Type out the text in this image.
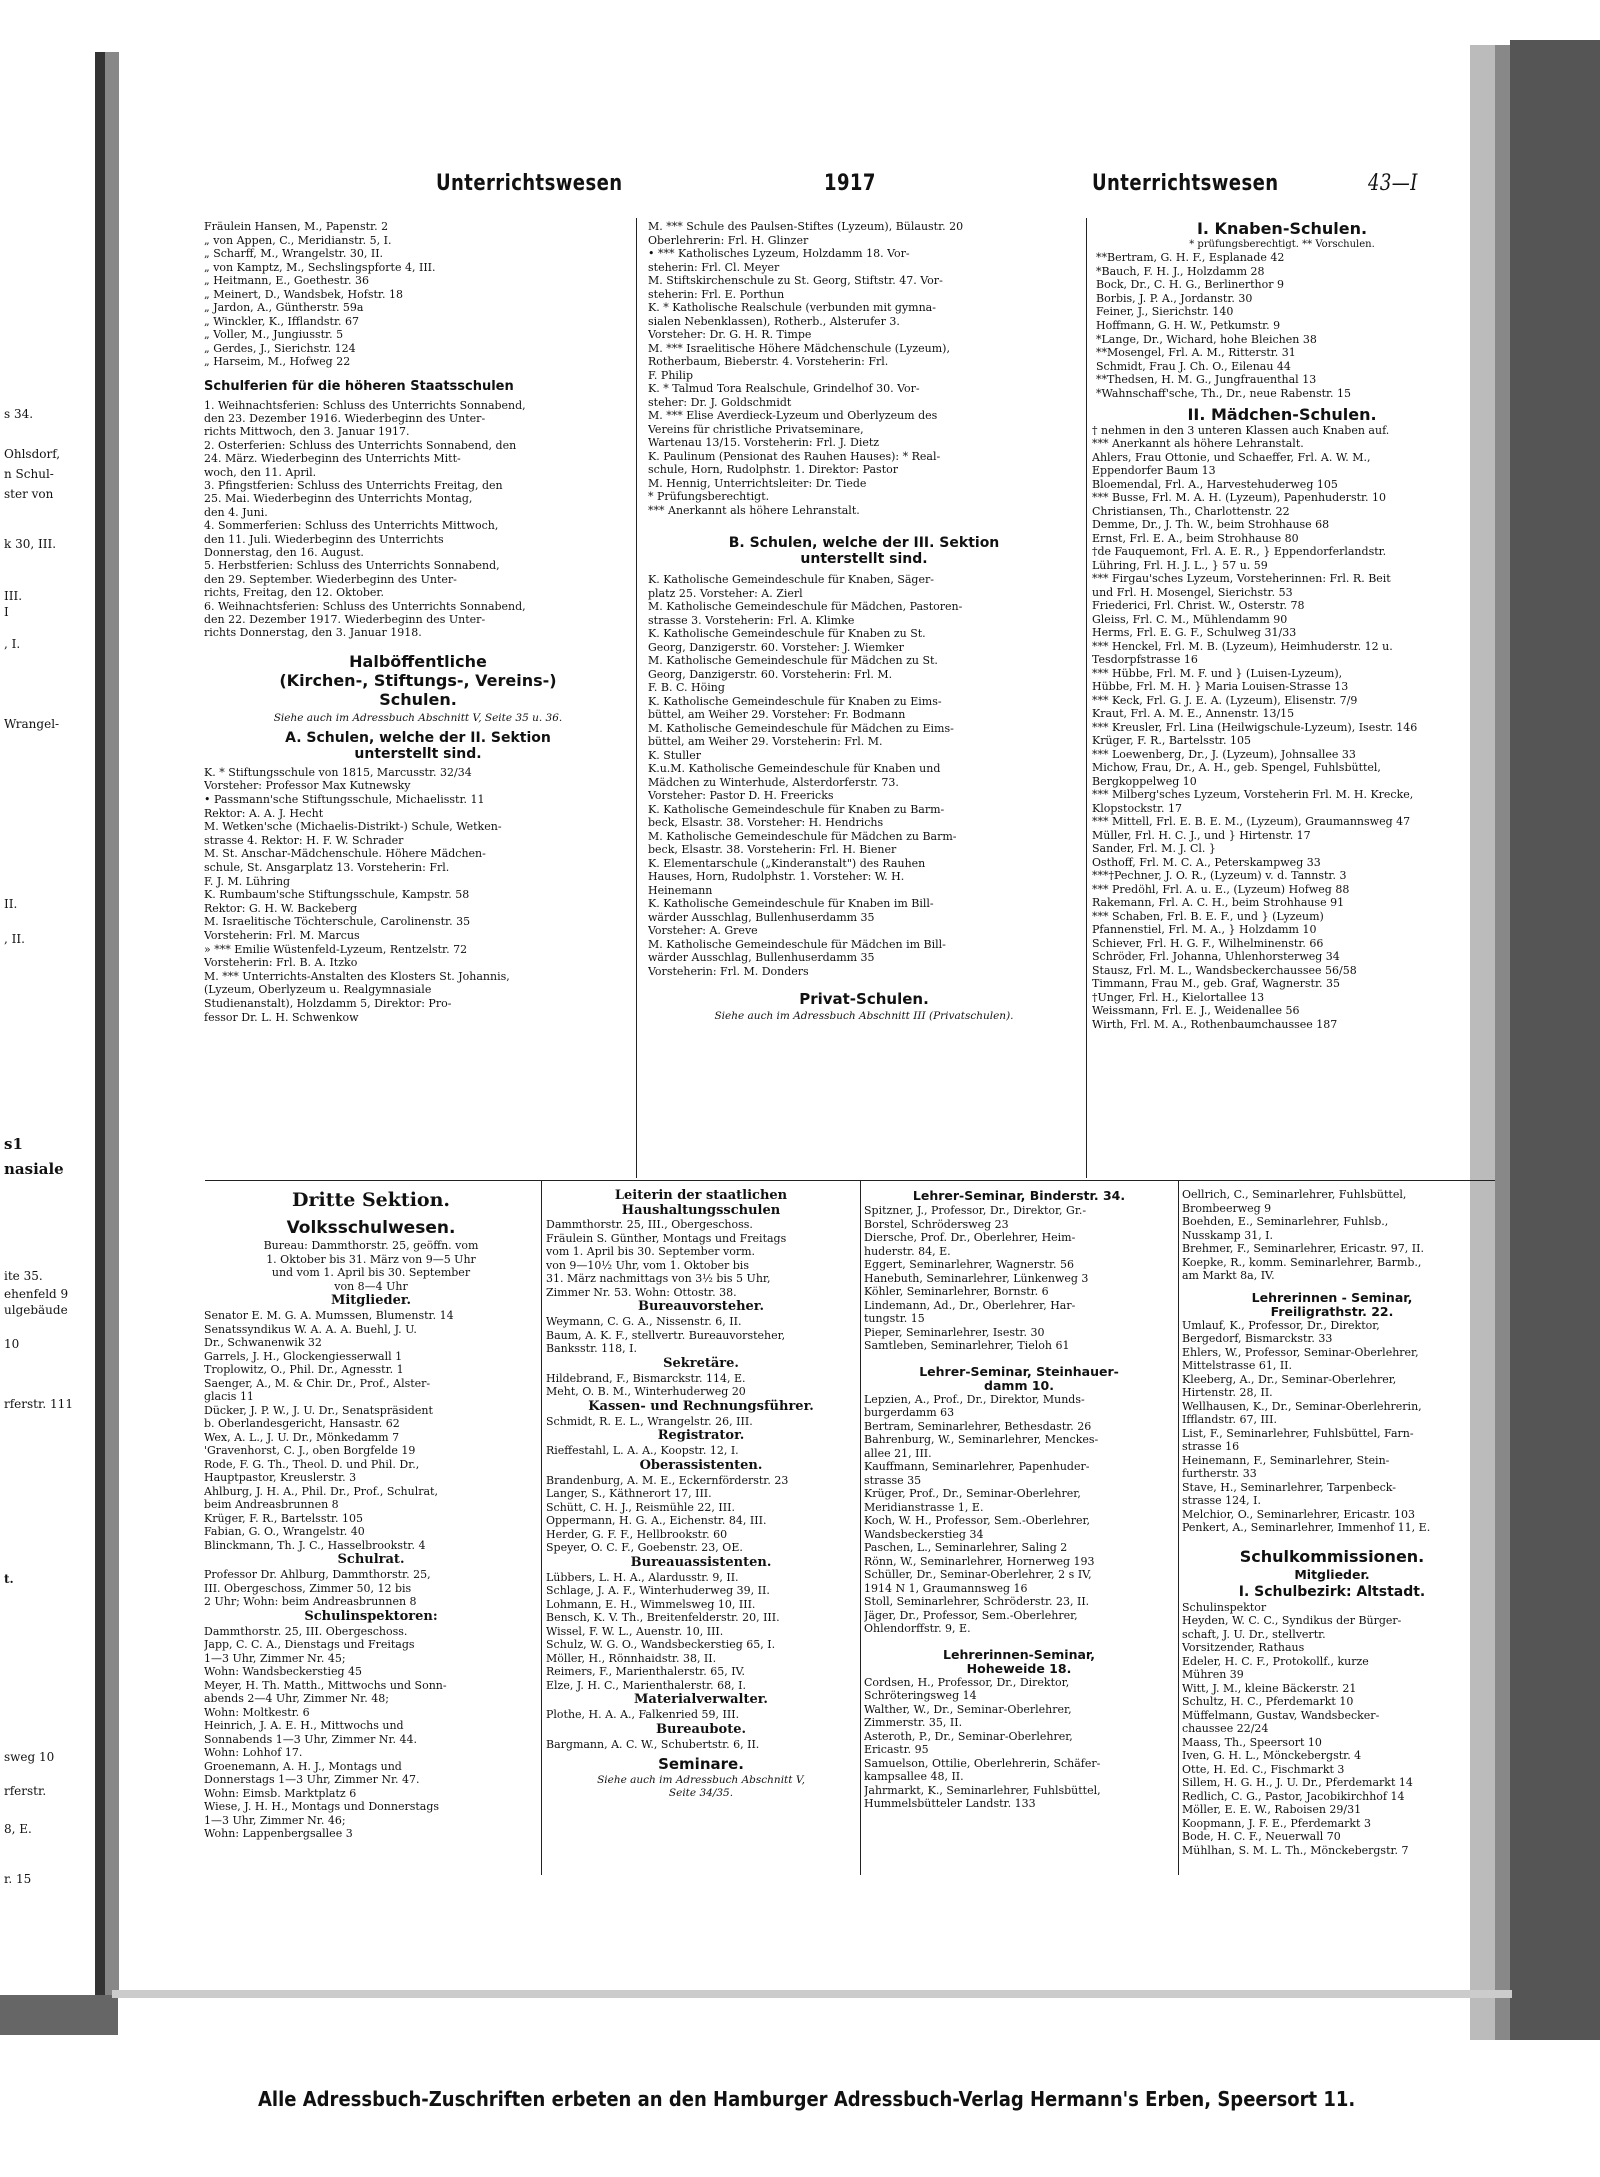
s 34.
Ohlsdorf,
n Schul-
ster von
k 30, III.
III.
I
, I.
Wrangel-
II.
, II.
s1
nasiale
ite 35.
ehenfeld 9
ulgebäude
10
rferstr. 111
t.
sweg 10
rferstr.
8, E.
r. 15
Unterrichtswesen	1917	Unterrichtswesen	43—I
Fräulein Hansen, M., Papenstr. 2
„ von Appen, C., Meridianstr. 5, I.
„ Scharff, M., Wrangelstr. 30, II.
„ von Kamptz, M., Sechslingspforte 4, III.
„ Heitmann, E., Goethestr. 36
„ Meinert, D., Wandsbek, Hofstr. 18
„ Jardon, A., Güntherstr. 59a
„ Winckler, K., Ifflandstr. 67
„ Voller, M., Jungiusstr. 5
„ Gerdes, J., Sierichstr. 124
„ Harseim, M., Hofweg 22
Schulferien für die höheren Staatsschulen
1. Weihnachtsferien: Schluss des Unterrichts Sonnabend,
den 23. Dezember 1916. Wiederbeginn des Unter-
richts Mittwoch, den 3. Januar 1917.
2. Osterferien: Schluss des Unterrichts Sonnabend, den
24. März. Wiederbeginn des Unterrichts Mitt-
woch, den 11. April.
3. Pfingstferien: Schluss des Unterrichts Freitag, den
25. Mai. Wiederbeginn des Unterrichts Montag,
den 4. Juni.
4. Sommerferien: Schluss des Unterrichts Mittwoch,
den 11. Juli. Wiederbeginn des Unterrichts
Donnerstag, den 16. August.
5. Herbstferien: Schluss des Unterrichts Sonnabend,
den 29. September. Wiederbeginn des Unter-
richts, Freitag, den 12. Oktober.
6. Weihnachtsferien: Schluss des Unterrichts Sonnabend,
den 22. Dezember 1917. Wiederbeginn des Unter-
richts Donnerstag, den 3. Januar 1918.
Halböffentliche
(Kirchen-, Stiftungs-, Vereins-)
Schulen.
Siehe auch im Adressbuch Abschnitt V, Seite 35 u. 36.
A. Schulen, welche der II. Sektion
unterstellt sind.
K. * Stiftungsschule von 1815, Marcusstr. 32/34
Vorsteher: Professor Max Kutnewsky
• Passmann'sche Stiftungsschule, Michaelisstr. 11
Rektor: A. A. J. Hecht
M. Wetken'sche (Michaelis-Distrikt-) Schule, Wetken-
strasse 4. Rektor: H. F. W. Schrader
M. St. Anschar-Mädchenschule. Höhere Mädchen-
schule, St. Ansgarplatz 13. Vorsteherin: Frl.
F. J. M. Lühring
K. Rumbaum'sche Stiftungsschule, Kampstr. 58
Rektor: G. H. W. Backeberg
M. Israelitische Töchterschule, Carolinenstr. 35
Vorsteherin: Frl. M. Marcus
» *** Emilie Wüstenfeld-Lyzeum, Rentzelstr. 72
Vorsteherin: Frl. B. A. Itzko
M. *** Unterrichts-Anstalten des Klosters St. Johannis,
(Lyzeum, Oberlyzeum u. Realgymnasiale
Studienanstalt), Holzdamm 5, Direktor: Pro-
fessor Dr. L. H. Schwenkow
M. *** Schule des Paulsen-Stiftes (Lyzeum), Bülaustr. 20
Oberlehrerin: Frl. H. Glinzer
• *** Katholisches Lyzeum, Holzdamm 18. Vor-
steherin: Frl. Cl. Meyer
M. Stiftskirchenschule zu St. Georg, Stiftstr. 47. Vor-
steherin: Frl. E. Porthun
K. * Katholische Realschule (verbunden mit gymna-
sialen Nebenklassen), Rotherb., Alsterufer 3.
Vorsteher: Dr. G. H. R. Timpe
M. *** Israelitische Höhere Mädchenschule (Lyzeum),
Rotherbaum, Bieberstr. 4. Vorsteherin: Frl.
F. Philip
K. * Talmud Tora Realschule, Grindelhof 30. Vor-
steher: Dr. J. Goldschmidt
M. *** Elise Averdieck-Lyzeum und Oberlyzeum des
Vereins für christliche Privatseminare,
Wartenau 13/15. Vorsteherin: Frl. J. Dietz
K. Paulinum (Pensionat des Rauhen Hauses): * Real-
schule, Horn, Rudolphstr. 1. Direktor: Pastor
M. Hennig, Unterrichtsleiter: Dr. Tiede
* Prüfungsberechtigt.
*** Anerkannt als höhere Lehranstalt.
B. Schulen, welche der III. Sektion
unterstellt sind.
K. Katholische Gemeindeschule für Knaben, Säger-
platz 25. Vorsteher: A. Zierl
M. Katholische Gemeindeschule für Mädchen, Pastoren-
strasse 3. Vorsteherin: Frl. A. Klimke
K. Katholische Gemeindeschule für Knaben zu St.
Georg, Danzigerstr. 60. Vorsteher: J. Wiemker
M. Katholische Gemeindeschule für Mädchen zu St.
Georg, Danzigerstr. 60. Vorsteherin: Frl. M.
F. B. C. Höing
K. Katholische Gemeindeschule für Knaben zu Eims-
büttel, am Weiher 29. Vorsteher: Fr. Bodmann
M. Katholische Gemeindeschule für Mädchen zu Eims-
büttel, am Weiher 29. Vorsteherin: Frl. M.
K. Stuller
K.u.M. Katholische Gemeindeschule für Knaben und
Mädchen zu Winterhude, Alsterdorferstr. 73.
Vorsteher: Pastor D. H. Freericks
K. Katholische Gemeindeschule für Knaben zu Barm-
beck, Elsastr. 38. Vorsteher: H. Hendrichs
M. Katholische Gemeindeschule für Mädchen zu Barm-
beck, Elsastr. 38. Vorsteherin: Frl. H. Biener
K. Elementarschule („Kinderanstalt") des Rauhen
Hauses, Horn, Rudolphstr. 1. Vorsteher: W. H.
Heinemann
K. Katholische Gemeindeschule für Knaben im Bill-
wärder Ausschlag, Bullenhuserdamm 35
Vorsteher: A. Greve
M. Katholische Gemeindeschule für Mädchen im Bill-
wärder Ausschlag, Bullenhuserdamm 35
Vorsteherin: Frl. M. Donders
Privat-Schulen.
Siehe auch im Adressbuch Abschnitt III (Privatschulen).
I. Knaben-Schulen.
* prüfungsberechtigt. ** Vorschulen.
**Bertram, G. H. F., Esplanade 42
*Bauch, F. H. J., Holzdamm 28
Bock, Dr., C. H. G., Berlinerthor 9
Borbis, J. P. A., Jordanstr. 30
Feiner, J., Sierichstr. 140
Hoffmann, G. H. W., Petkumstr. 9
*Lange, Dr., Wichard, hohe Bleichen 38
**Mosengel, Frl. A. M., Ritterstr. 31
Schmidt, Frau J. Ch. O., Eilenau 44
**Thedsen, H. M. G., Jungfrauenthal 13
*Wahnschaff'sche, Th., Dr., neue Rabenstr. 15
II. Mädchen-Schulen.
† nehmen in den 3 unteren Klassen auch Knaben auf.
*** Anerkannt als höhere Lehranstalt.
Ahlers, Frau Ottonie, und Schaeffer, Frl. A. W. M.,
Eppendorfer Baum 13
Bloemendal, Frl. A., Harvestehuderweg 105
*** Busse, Frl. M. A. H. (Lyzeum), Papenhuderstr. 10
Christiansen, Th., Charlottenstr. 22
Demme, Dr., J. Th. W., beim Strohhause 68
Ernst, Frl. E. A., beim Strohhause 80
†de Fauquemont, Frl. A. E. R., } Eppendorferlandstr.
Lühring, Frl. H. J. L., } 57 u. 59
*** Firgau'sches Lyzeum, Vorsteherinnen: Frl. R. Beit
und Frl. H. Mosengel, Sierichstr. 53
Friederici, Frl. Christ. W., Osterstr. 78
Gleiss, Frl. C. M., Mühlendamm 90
Herms, Frl. E. G. F., Schulweg 31/33
*** Henckel, Frl. M. B. (Lyzeum), Heimhuderstr. 12 u.
Tesdorpfstrasse 16
*** Hübbe, Frl. M. F. und } (Luisen-Lyzeum),
Hübbe, Frl. M. H. } Maria Louisen-Strasse 13
*** Keck, Frl. G. J. E. A. (Lyzeum), Elisenstr. 7/9
Kraut, Frl. A. M. E., Annenstr. 13/15
*** Kreusler, Frl. Lina (Heilwigschule-Lyzeum), Isestr. 146
Krüger, F. R., Bartelsstr. 105
*** Loewenberg, Dr., J. (Lyzeum), Johnsallee 33
Michow, Frau, Dr., A. H., geb. Spengel, Fuhlsbüttel,
Bergkoppelweg 10
*** Milberg'sches Lyzeum, Vorsteherin Frl. M. H. Krecke,
Klopstockstr. 17
*** Mittell, Frl. E. B. E. M., (Lyzeum), Graumannsweg 47
Müller, Frl. H. C. J., und } Hirtenstr. 17
Sander, Frl. M. J. Cl. }
Osthoff, Frl. M. C. A., Peterskampweg 33
***†Pechner, J. O. R., (Lyzeum) v. d. Tannstr. 3
*** Predöhl, Frl. A. u. E., (Lyzeum) Hofweg 88
Rakemann, Frl. A. C. H., beim Strohhause 91
*** Schaben, Frl. B. E. F., und } (Lyzeum)
Pfannenstiel, Frl. M. A., } Holzdamm 10
Schiever, Frl. H. G. F., Wilhelminenstr. 66
Schröder, Frl. Johanna, Uhlenhorsterweg 34
Stausz, Frl. M. L., Wandsbeckerchaussee 56/58
Timmann, Frau M., geb. Graf, Wagnerstr. 35
†Unger, Frl. H., Kielortallee 13
Weissmann, Frl. E. J., Weidenallee 56
Wirth, Frl. M. A., Rothenbaumchaussee 187
Dritte Sektion.
Volksschulwesen.
Bureau: Dammthorstr. 25, geöffn. vom
1. Oktober bis 31. März von 9—5 Uhr
und vom 1. April bis 30. September
von 8—4 Uhr
Mitglieder.
Senator E. M. G. A. Mumssen, Blumenstr. 14
Senatssyndikus W. A. A. A. Buehl, J. U.
Dr., Schwanenwik 32
Garrels, J. H., Glockengiesserwall 1
Troplowitz, O., Phil. Dr., Agnesstr. 1
Saenger, A., M. & Chir. Dr., Prof., Alster-
glacis 11
Dücker, J. P. W., J. U. Dr., Senatspräsident
b. Oberlandesgericht, Hansastr. 62
Wex, A. L., J. U. Dr., Mönkedamm 7
'Gravenhorst, C. J., oben Borgfelde 19
Rode, F. G. Th., Theol. D. und Phil. Dr.,
Hauptpastor, Kreuslerstr. 3
Ahlburg, J. H. A., Phil. Dr., Prof., Schulrat,
beim Andreasbrunnen 8
Krüger, F. R., Bartelsstr. 105
Fabian, G. O., Wrangelstr. 40
Blinckmann, Th. J. C., Hasselbrookstr. 4
Schulrat.
Professor Dr. Ahlburg, Dammthorstr. 25,
III. Obergeschoss, Zimmer 50, 12 bis
2 Uhr; Wohn: beim Andreasbrunnen 8
Schulinspektoren:
Dammthorstr. 25, III. Obergeschoss.
Japp, C. C. A., Dienstags und Freitags
1—3 Uhr, Zimmer Nr. 45;
Wohn: Wandsbeckerstieg 45
Meyer, H. Th. Matth., Mittwochs und Sonn-
abends 2—4 Uhr, Zimmer Nr. 48;
Wohn: Moltkestr. 6
Heinrich, J. A. E. H., Mittwochs und
Sonnabends 1—3 Uhr, Zimmer Nr. 44.
Wohn: Lohhof 17.
Groenemann, A. H. J., Montags und
Donnerstags 1—3 Uhr, Zimmer Nr. 47.
Wohn: Eimsb. Marktplatz 6
Wiese, J. H. H., Montags und Donnerstags
1—3 Uhr, Zimmer Nr. 46;
Wohn: Lappenbergsallee 3
Leiterin der staatlichen
Haushaltungsschulen
Dammthorstr. 25, III., Obergeschoss.
Fräulein S. Günther, Montags und Freitags
vom 1. April bis 30. September vorm.
von 9—10½ Uhr, vom 1. Oktober bis
31. März nachmittags von 3½ bis 5 Uhr,
Zimmer Nr. 53. Wohn: Ottostr. 38.
Bureauvorsteher.
Weymann, C. G. A., Nissenstr. 6, II.
Baum, A. K. F., stellvertr. Bureauvorsteher,
Banksstr. 118, I.
Sekretäre.
Hildebrand, F., Bismarckstr. 114, E.
Meht, O. B. M., Winterhuderweg 20
Kassen- und Rechnungsführer.
Schmidt, R. E. L., Wrangelstr. 26, III.
Registrator.
Rieffestahl, L. A. A., Koopstr. 12, I.
Oberassistenten.
Brandenburg, A. M. E., Eckernförderstr. 23
Langer, S., Käthnerort 17, III.
Schütt, C. H. J., Reismühle 22, III.
Oppermann, H. G. A., Eichenstr. 84, III.
Herder, G. F. F., Hellbrookstr. 60
Speyer, O. C. F., Goebenstr. 23, OE.
Bureauassistenten.
Lübbers, L. H. A., Alardusstr. 9, II.
Schlage, J. A. F., Winterhuderweg 39, II.
Lohmann, E. H., Wimmelsweg 10, III.
Bensch, K. V. Th., Breitenfelderstr. 20, III.
Wissel, F. W. L., Auenstr. 10, III.
Schulz, W. G. O., Wandsbeckerstieg 65, I.
Möller, H., Rönnhaidstr. 38, II.
Reimers, F., Marienthalerstr. 65, IV.
Elze, J. H. C., Marienthalerstr. 68, I.
Materialverwalter.
Plothe, H. A. A., Falkenried 59, III.
Bureaubote.
Bargmann, A. C. W., Schubertstr. 6, II.
Seminare.
Siehe auch im Adressbuch Abschnitt V,
Seite 34/35.
Lehrer-Seminar, Binderstr. 34.
Spitzner, J., Professor, Dr., Direktor, Gr.-
Borstel, Schrödersweg 23
Diersche, Prof. Dr., Oberlehrer, Heim-
huderstr. 84, E.
Eggert, Seminarlehrer, Wagnerstr. 56
Hanebuth, Seminarlehrer, Lünkenweg 3
Köhler, Seminarlehrer, Bornstr. 6
Lindemann, Ad., Dr., Oberlehrer, Har-
tungstr. 15
Pieper, Seminarlehrer, Isestr. 30
Samtleben, Seminarlehrer, Tieloh 61
Lehrer-Seminar, Steinhauer-
damm 10.
Lepzien, A., Prof., Dr., Direktor, Munds-
burgerdamm 63
Bertram, Seminarlehrer, Bethesdastr. 26
Bahrenburg, W., Seminarlehrer, Menckes-
allee 21, III.
Kauffmann, Seminarlehrer, Papenhuder-
strasse 35
Krüger, Prof., Dr., Seminar-Oberlehrer,
Meridianstrasse 1, E.
Koch, W. H., Professor, Sem.-Oberlehrer,
Wandsbeckerstieg 34
Paschen, L., Seminarlehrer, Saling 2
Rönn, W., Seminarlehrer, Hornerweg 193
Schüller, Dr., Seminar-Oberlehrer, 2 s IV,
1914 N 1, Graumannsweg 16
Stoll, Seminarlehrer, Schröderstr. 23, II.
Jäger, Dr., Professor, Sem.-Oberlehrer,
Ohlendorffstr. 9, E.
Lehrerinnen-Seminar,
Hoheweide 18.
Cordsen, H., Professor, Dr., Direktor,
Schröteringsweg 14
Walther, W., Dr., Seminar-Oberlehrer,
Zimmerstr. 35, II.
Asteroth, P., Dr., Seminar-Oberlehrer,
Ericastr. 95
Samuelson, Ottilie, Oberlehrerin, Schäfer-
kampsallee 48, II.
Jahrmarkt, K., Seminarlehrer, Fuhlsbüttel,
Hummelsbütteler Landstr. 133
Oellrich, C., Seminarlehrer, Fuhlsbüttel,
Brombeerweg 9
Boehden, E., Seminarlehrer, Fuhlsb.,
Nusskamp 31, I.
Brehmer, F., Seminarlehrer, Ericastr. 97, II.
Koepke, R., komm. Seminarlehrer, Barmb.,
am Markt 8a, IV.
Lehrerinnen - Seminar,
Freiligrathstr. 22.
Umlauf, K., Professor, Dr., Direktor,
Bergedorf, Bismarckstr. 33
Ehlers, W., Professor, Seminar-Oberlehrer,
Mittelstrasse 61, II.
Kleeberg, A., Dr., Seminar-Oberlehrer,
Hirtenstr. 28, II.
Wellhausen, K., Dr., Seminar-Oberlehrerin,
Ifflandstr. 67, III.
List, F., Seminarlehrer, Fuhlsbüttel, Farn-
strasse 16
Heinemann, F., Seminarlehrer, Stein-
furtherstr. 33
Stave, H., Seminarlehrer, Tarpenbeck-
strasse 124, I.
Melchior, O., Seminarlehrer, Ericastr. 103
Penkert, A., Seminarlehrer, Immenhof 11, E.
Schulkommissionen.
Mitglieder.
I. Schulbezirk: Altstadt.
Schulinspektor
Heyden, W. C. C., Syndikus der Bürger-
schaft, J. U. Dr., stellvertr.
Vorsitzender, Rathaus
Edeler, H. C. F., Protokollf., kurze
Mühren 39
Witt, J. M., kleine Bäckerstr. 21
Schultz, H. C., Pferdemarkt 10
Müffelmann, Gustav, Wandsbecker-
chaussee 22/24
Maass, Th., Speersort 10
Iven, G. H. L., Mönckebergstr. 4
Otte, H. Ed. C., Fischmarkt 3
Sillem, H. G. H., J. U. Dr., Pferdemarkt 14
Redlich, C. G., Pastor, Jacobikirchhof 14
Möller, E. E. W., Raboisen 29/31
Koopmann, J. F. E., Pferdemarkt 3
Bode, H. C. F., Neuerwall 70
Mühlhan, S. M. L. Th., Mönckebergstr. 7
Alle Adressbuch-Zuschriften erbeten an den Hamburger Adressbuch-Verlag Hermann's Erben, Speersort 11.
